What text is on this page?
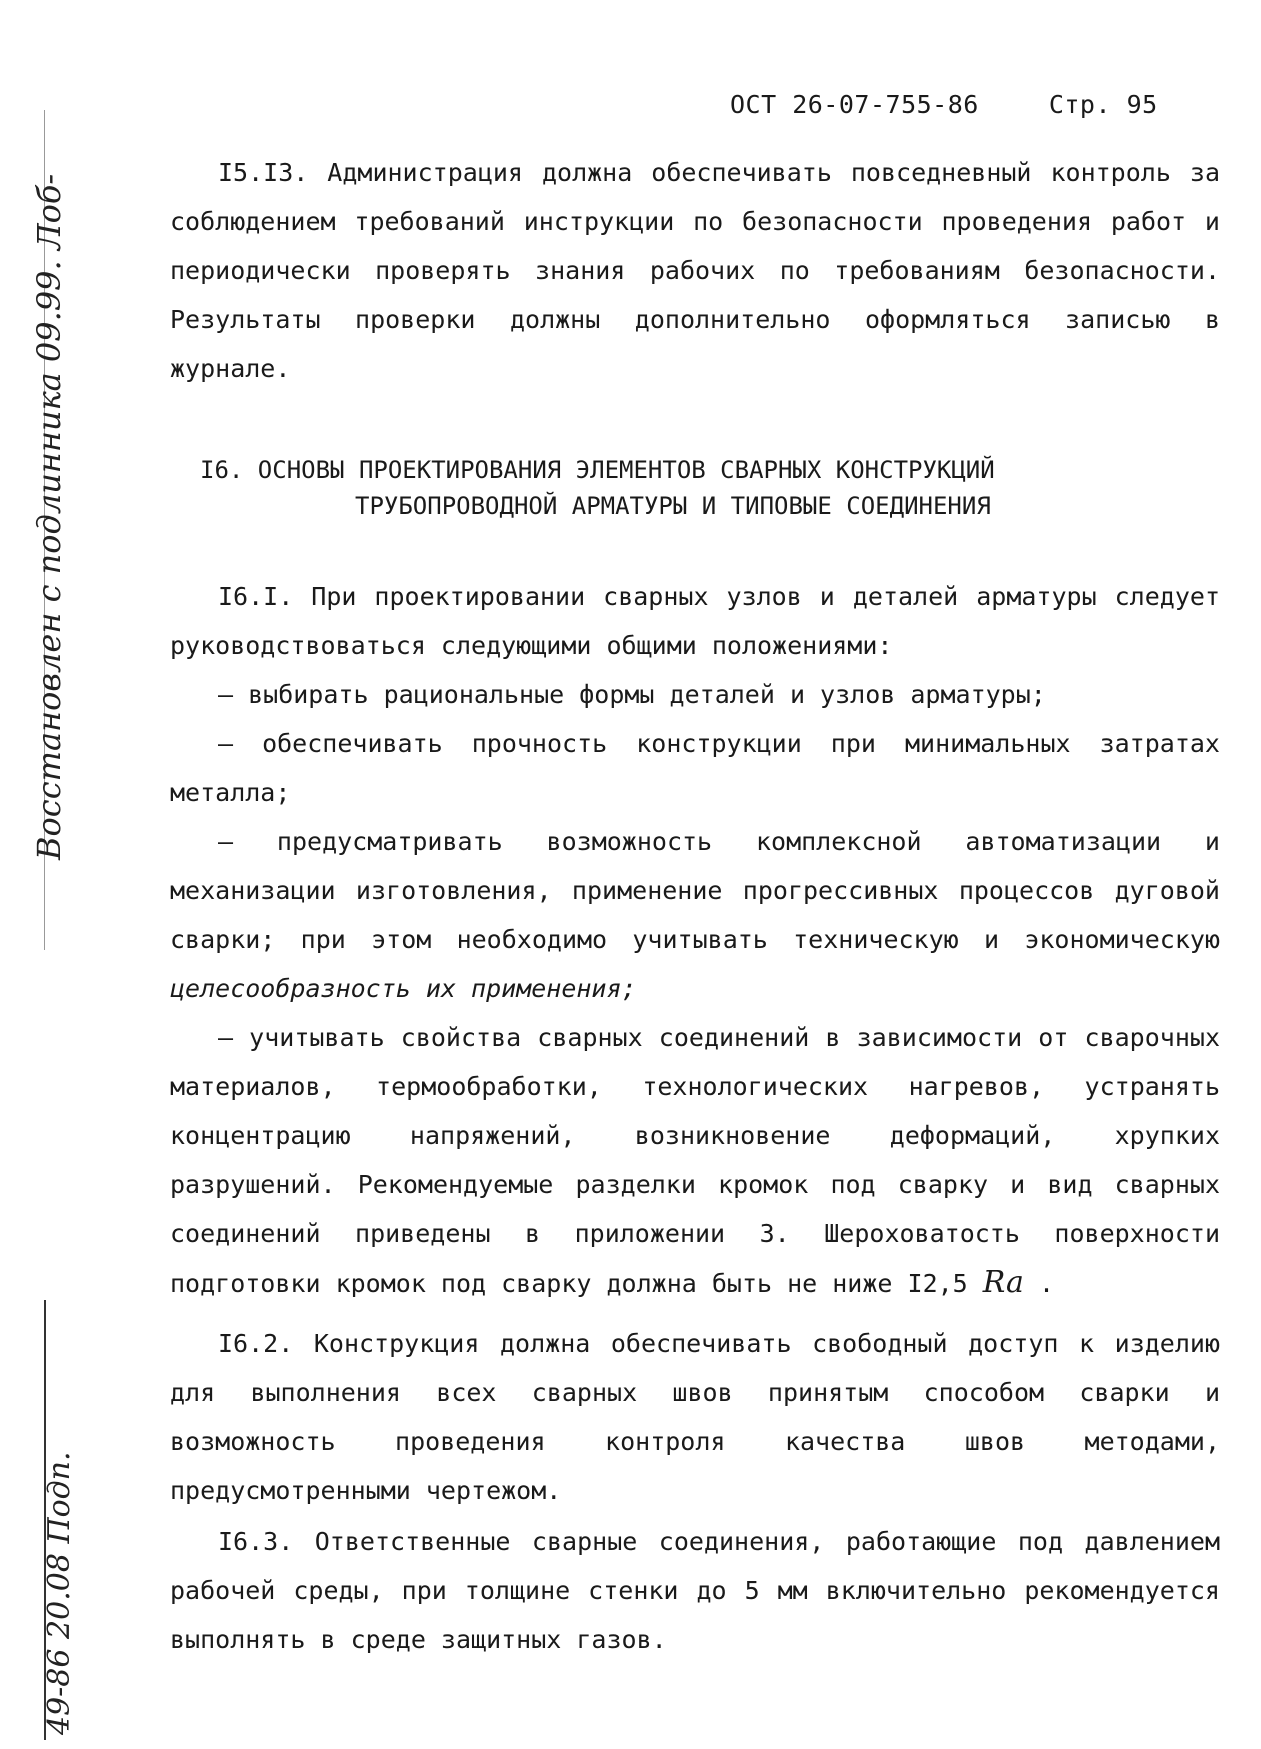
ОСТ 26-07-755-86	Стр. 95
Восстановлен с подлинника 09.99. Лоб-
49-86 20.08 Подп.

I5.I3. Администрация должна обеспечивать повседневный контроль за соблюдением требований инструкции по безопасности проведения работ и периодически проверять знания рабочих по требованиям безопасности. Результаты проверки должны дополнительно оформляться записью в журнале.

I6. ОСНОВЫ ПРОЕКТИРОВАНИЯ ЭЛЕМЕНТОВ СВАРНЫХ КОНСТРУКЦИЙ
ТРУБОПРОВОДНОЙ АРМАТУРЫ И ТИПОВЫЕ СОЕДИНЕНИЯ

I6.I. При проектировании сварных узлов и деталей арматуры следует руководствоваться следующими общими положениями:

– выбирать рациональные формы деталей и узлов арматуры;

– обеспечивать прочность конструкции при минимальных затратах металла;

– предусматривать возможность комплексной автоматизации и механизации изготовления, применение прогрессивных процессов дуговой сварки; при этом необходимо учитывать техническую и экономическую целесообразность их применения;

– учитывать свойства сварных соединений в зависимости от сварочных материалов, термообработки, технологических нагревов, устранять концентрацию напряжений, возникновение деформаций, хрупких разрушений. Рекомендуемые разделки кромок под сварку и вид сварных соединений приведены в приложении 3. Шероховатость поверхности подготовки кромок под сварку должна быть не ниже I2,5 Ra .

I6.2. Конструкция должна обеспечивать свободный доступ к изделию для выполнения всех сварных швов принятым способом сварки и возможность проведения контроля качества швов методами, предусмотренными чертежом.

I6.3. Ответственные сварные соединения, работающие под давлением рабочей среды, при толщине стенки до 5 мм включительно рекомендуется выполнять в среде защитных газов.
